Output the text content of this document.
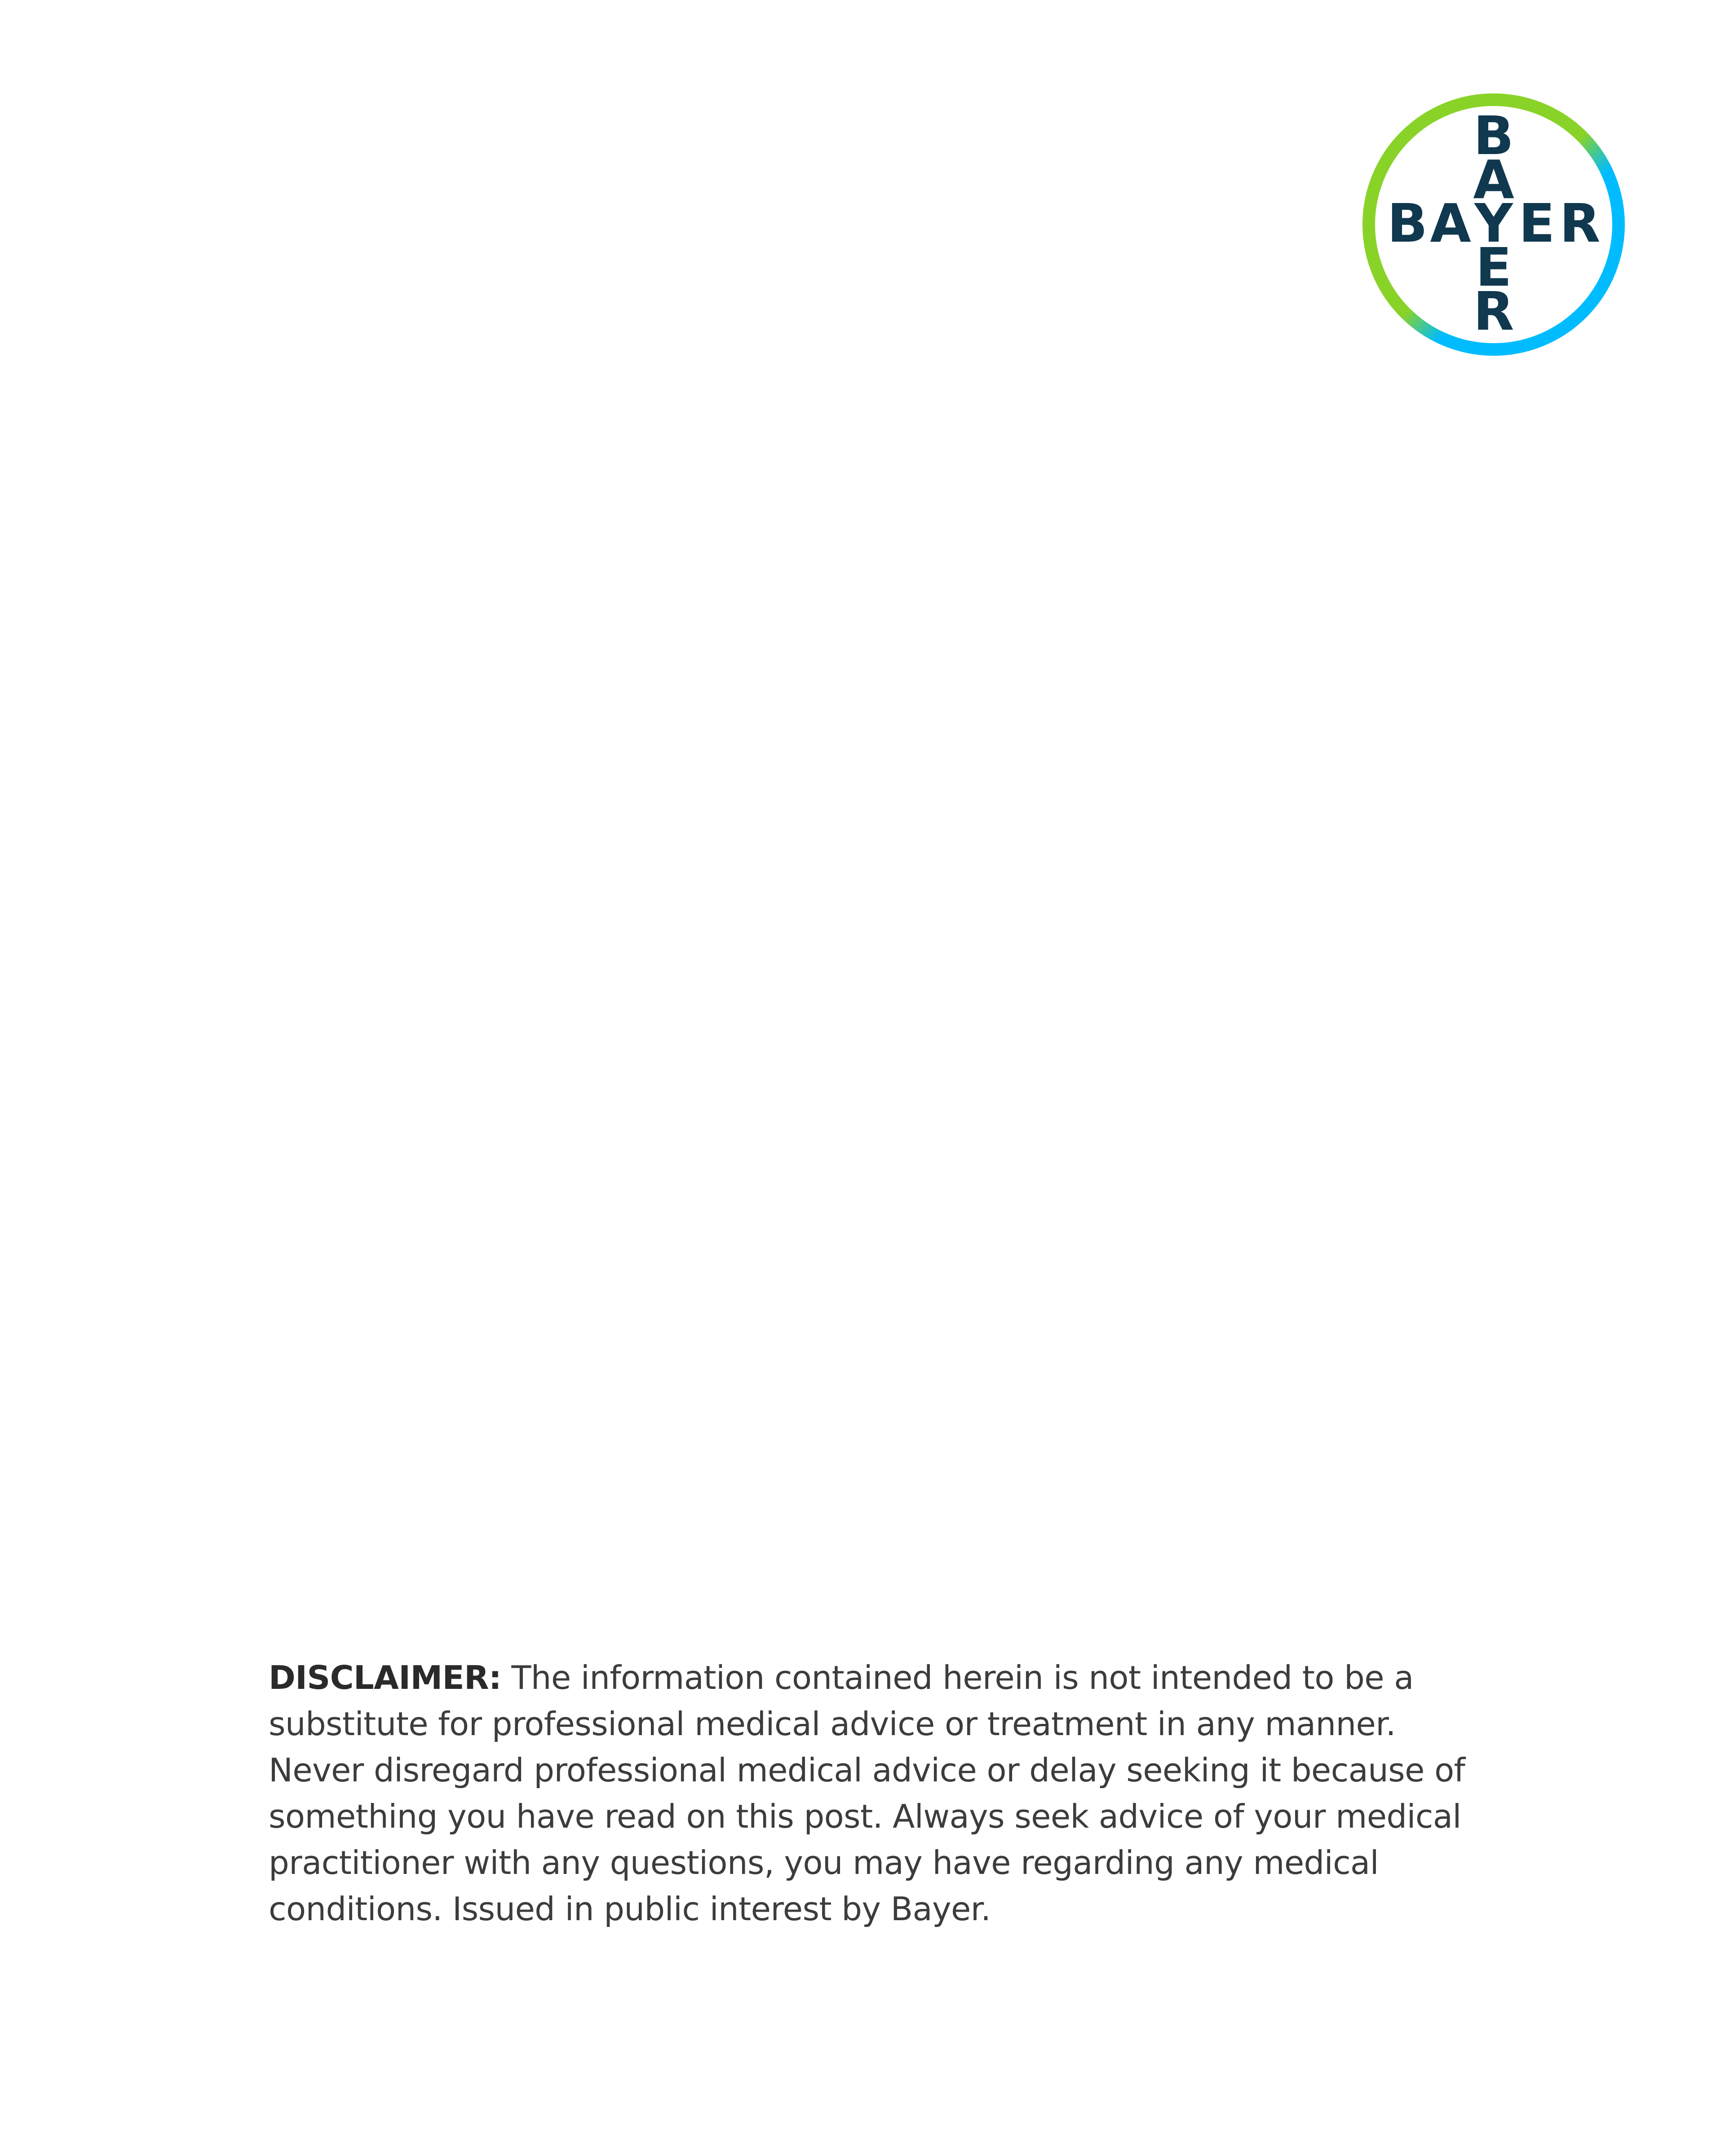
B
A
E
R
B A Y E R
DISCLAIMER: The information contained herein is not intended to be a substitute for professional medical advice or treatment in any manner. Never disregard professional medical advice or delay seeking it because of something you have read on this post. Always seek advice of your medical practitioner with any questions, you may have regarding any medical conditions. Issued in public interest by Bayer.
